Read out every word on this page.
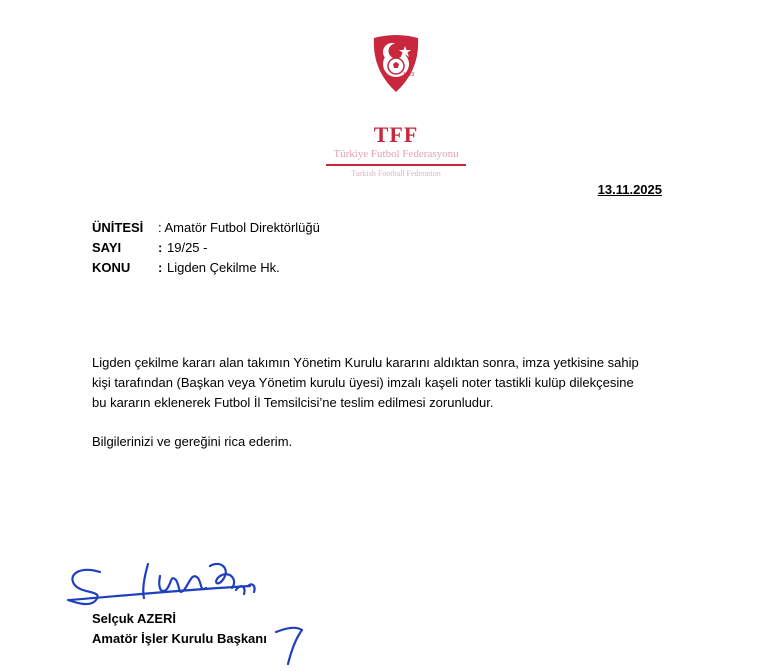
1923
TFF
Türkiye Futbol Federasyonu
Turkish Football Federation
13.11.2025
ÜNİTESİ : Amatör Futbol Direktörlüğü
SAYI	: 19/25 -
KONU : Ligden Çekilme Hk.
Ligden çekilme kararı alan takımın Yönetim Kurulu kararını aldıktan sonra, imza yetkisine sahip
kişi tarafından (Başkan veya Yönetim kurulu üyesi) imzalı kaşeli noter tastikli kulüp dilekçesine
bu kararın eklenerek Futbol İl Temsilcisi’ne teslim edilmesi zorunludur.
Bilgilerinizi ve gereğini rica ederim.
Selçuk AZERİ
Amatör İşler Kurulu Başkanı
